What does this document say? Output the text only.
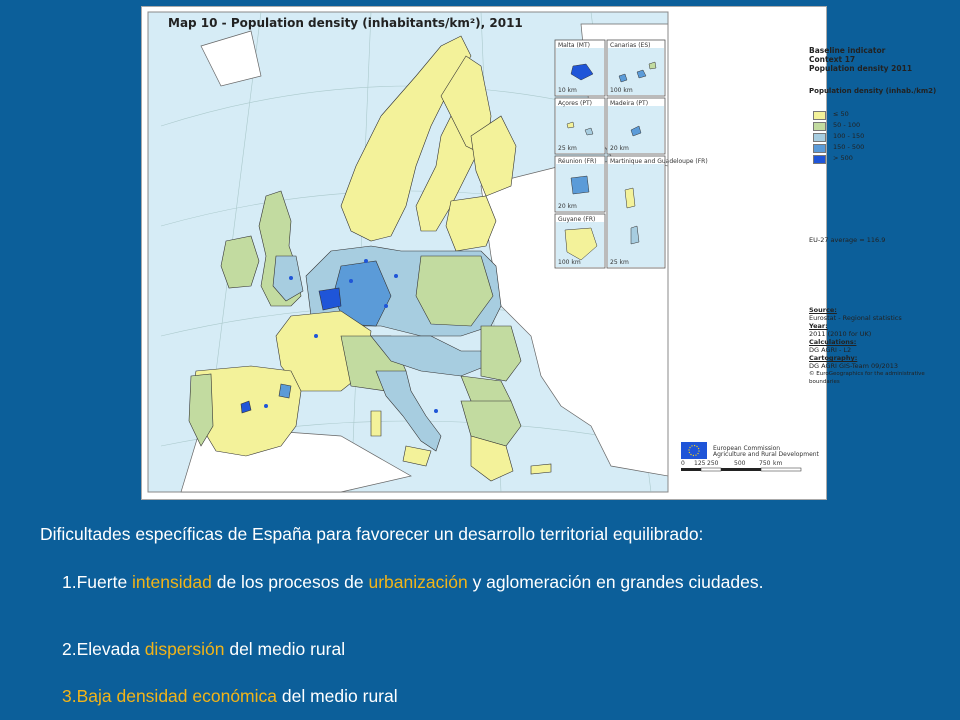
Malta (MT)	Canarias (ES)
Açores (PT)	Madeira (PT)
Réunion (FR) Martinique and Guadeloupe (FR)
Guyane (FR)
10 km	100 km
25 km	20 km
20 km
25 km
100 km
0 125 250	500 750 km
European Commission
Agriculture and Rural Development
Baseline indicator
Context 17
Population density 2011
Population density (inhab./km2)
≤ 50
50 - 100
100 - 150
150 - 500
> 500
EU-27 average = 116.9
Source:
Eurostat - Regional statistics
Year:
2011 (2010 for UK)
Calculations:
DG AGRI - L2
Cartography:
DG AGRI GIS-Team 09/2013
© EuroGeographics for the administrative boundaries
Map 10 - Population density (inhabitants/km²), 2011
Dificultades específicas de España para favorecer un desarrollo territorial equilibrado:
1.Fuerte intensidad de los procesos de urbanización y aglomeración en grandes ciudades.
2.Elevada dispersión del medio rural
3.Baja densidad económica del medio rural
